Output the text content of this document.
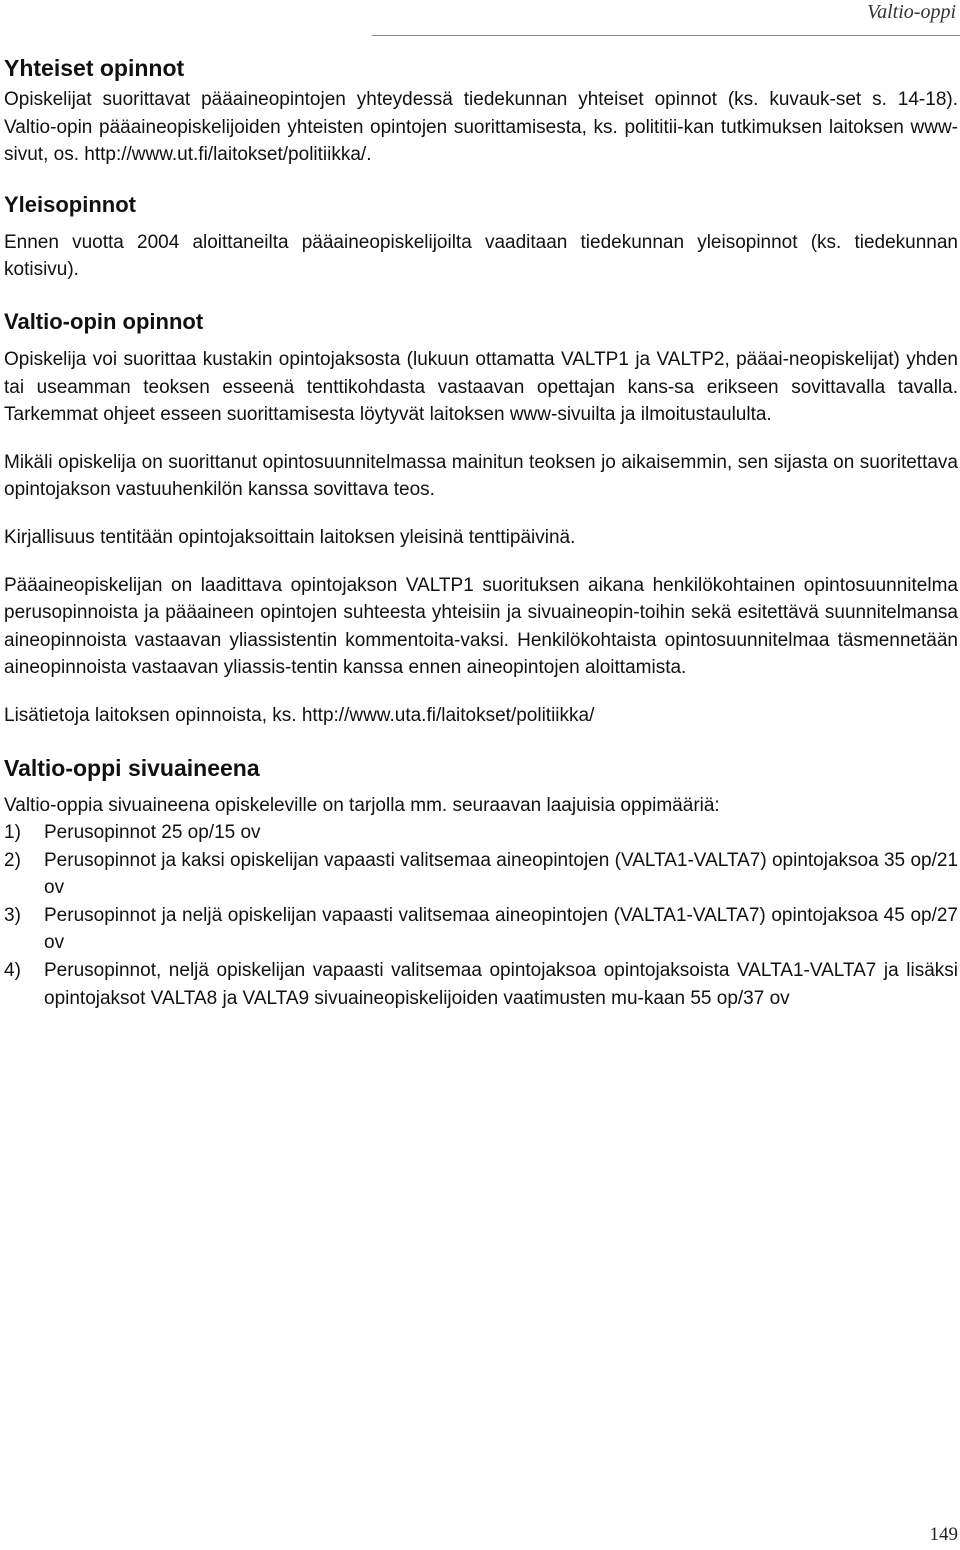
Valtio-oppi
Yhteiset opinnot

Opiskelijat suorittavat pääaineopintojen yhteydessä tiedekunnan yhteiset opinnot (ks. kuvauk-set s. 14-18). Valtio-opin pääaineopiskelijoiden yhteisten opintojen suorittamisesta, ks. polititii-kan tutkimuksen laitoksen www-sivut, os. http://www.ut.fi/laitokset/politiikka/.

Yleisopinnot

Ennen vuotta 2004 aloittaneilta pääaineopiskelijoilta vaaditaan tiedekunnan yleisopinnot (ks. tiedekunnan kotisivu).

Valtio-opin opinnot

Opiskelija voi suorittaa kustakin opintojaksosta (lukuun ottamatta VALTP1 ja VALTP2, pääai-neopiskelijat) yhden tai useamman teoksen esseenä tenttikohdasta vastaavan opettajan kans-sa erikseen sovittavalla tavalla. Tarkemmat ohjeet esseen suorittamisesta löytyvät laitoksen www-sivuilta ja ilmoitustaululta.

Mikäli opiskelija on suorittanut opintosuunnitelmassa mainitun teoksen jo aikaisemmin, sen sijasta on suoritettava opintojakson vastuuhenkilön kanssa sovittava teos.

Kirjallisuus tentitään opintojaksoittain laitoksen yleisinä tenttipäivinä.

Pääaineopiskelijan on laadittava opintojakson VALTP1 suorituksen aikana henkilökohtainen opintosuunnitelma perusopinnoista ja pääaineen opintojen suhteesta yhteisiin ja sivuaineopin-toihin sekä esitettävä suunnitelmansa aineopinnoista vastaavan yliassistentin kommentoita-vaksi. Henkilökohtaista opintosuunnitelmaa täsmennetään aineopinnoista vastaavan yliassis-tentin kanssa ennen aineopintojen aloittamista.

Lisätietoja laitoksen opinnoista, ks. http://www.uta.fi/laitokset/politiikka/

Valtio-oppi sivuaineena

Valtio-oppia sivuaineena opiskeleville on tarjolla mm. seuraavan laajuisia oppimääriä:

1)	Perusopinnot 25 op/15 ov
2)	Perusopinnot ja kaksi opiskelijan vapaasti valitsemaa aineopintojen (VALTA1-VALTA7) opintojaksoa 35 op/21 ov
3)	Perusopinnot ja neljä opiskelijan vapaasti valitsemaa aineopintojen (VALTA1-VALTA7) opintojaksoa 45 op/27 ov
4)	Perusopinnot, neljä opiskelijan vapaasti valitsemaa opintojaksoa opintojaksoista VALTA1-VALTA7 ja lisäksi opintojaksot VALTA8 ja VALTA9 sivuaineopiskelijoiden vaatimusten mu-kaan 55 op/37 ov
149
